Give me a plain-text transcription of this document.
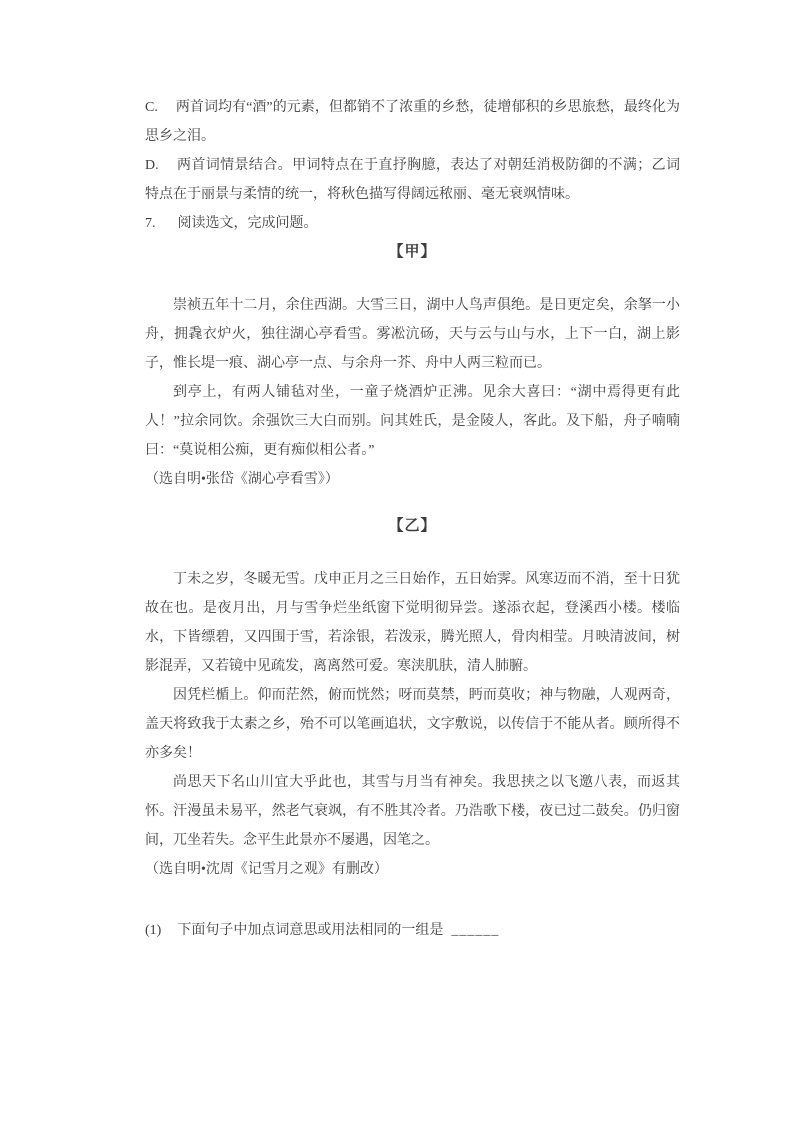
C. 两首词均有“酒”的元素，但都销不了浓重的乡愁，徒增郁积的乡思旅愁，最终化为思乡之泪。

D. 两首词情景结合。甲词特点在于直抒胸臆，表达了对朝廷消极防御的不满；乙词特点在于丽景与柔情的统一，将秋色描写得阔远秾丽、毫无衰飒情味。

7. 阅读选文，完成问题。

【甲】

崇祯五年十二月，余住西湖。大雪三日，湖中人鸟声俱绝。是日更定矣，余拏一小舟，拥毳衣炉火，独往湖心亭看雪。雾凇沆砀，天与云与山与水，上下一白，湖上影子，惟长堤一痕、湖心亭一点、与余舟一芥、舟中人两三粒而已。

到亭上，有两人铺毡对坐，一童子烧酒炉正沸。见余大喜曰：“湖中焉得更有此人！”拉余同饮。余强饮三大白而别。问其姓氏，是金陵人，客此。及下船，舟子喃喃曰：“莫说相公痴，更有痴似相公者。”

（选自明•张岱《湖心亭看雪》）

【乙】

丁未之岁，冬暖无雪。戊申正月之三日始作，五日始霁。风寒迈而不消，至十日犹故在也。是夜月出，月与雪争烂坐纸窗下觉明彻异尝。遂添衣起，登溪西小楼。楼临水，下皆缥碧，又四围于雪，若涂银，若泼汞，腾光照人，骨肉相莹。月映清波间，树影混弄，又若镜中见疏发，离离然可爱。寒浃肌肤，清人肺腑。

因凭栏楯上。仰而茫然，俯而恍然；呀而莫禁，眄而莫收；神与物融，人观两奇，盖天将致我于太素之乡，殆不可以笔画追状，文字敷说，以传信于不能从者。顾所得不亦多矣！

尚思天下名山川宜大乎此也，其雪与月当有神矣。我思挟之以飞邀八表，而返其怀。汗漫虽未易平，然老气衰飒，有不胜其冷者。乃浩歌下楼，夜已过二鼓矣。仍归窗间，兀坐若失。念平生此景亦不屡遇，因笔之。

（选自明•沈周《记雪月之观》有删改）

(1) 下面句子中加点词意思或用法相同的一组是 ______
